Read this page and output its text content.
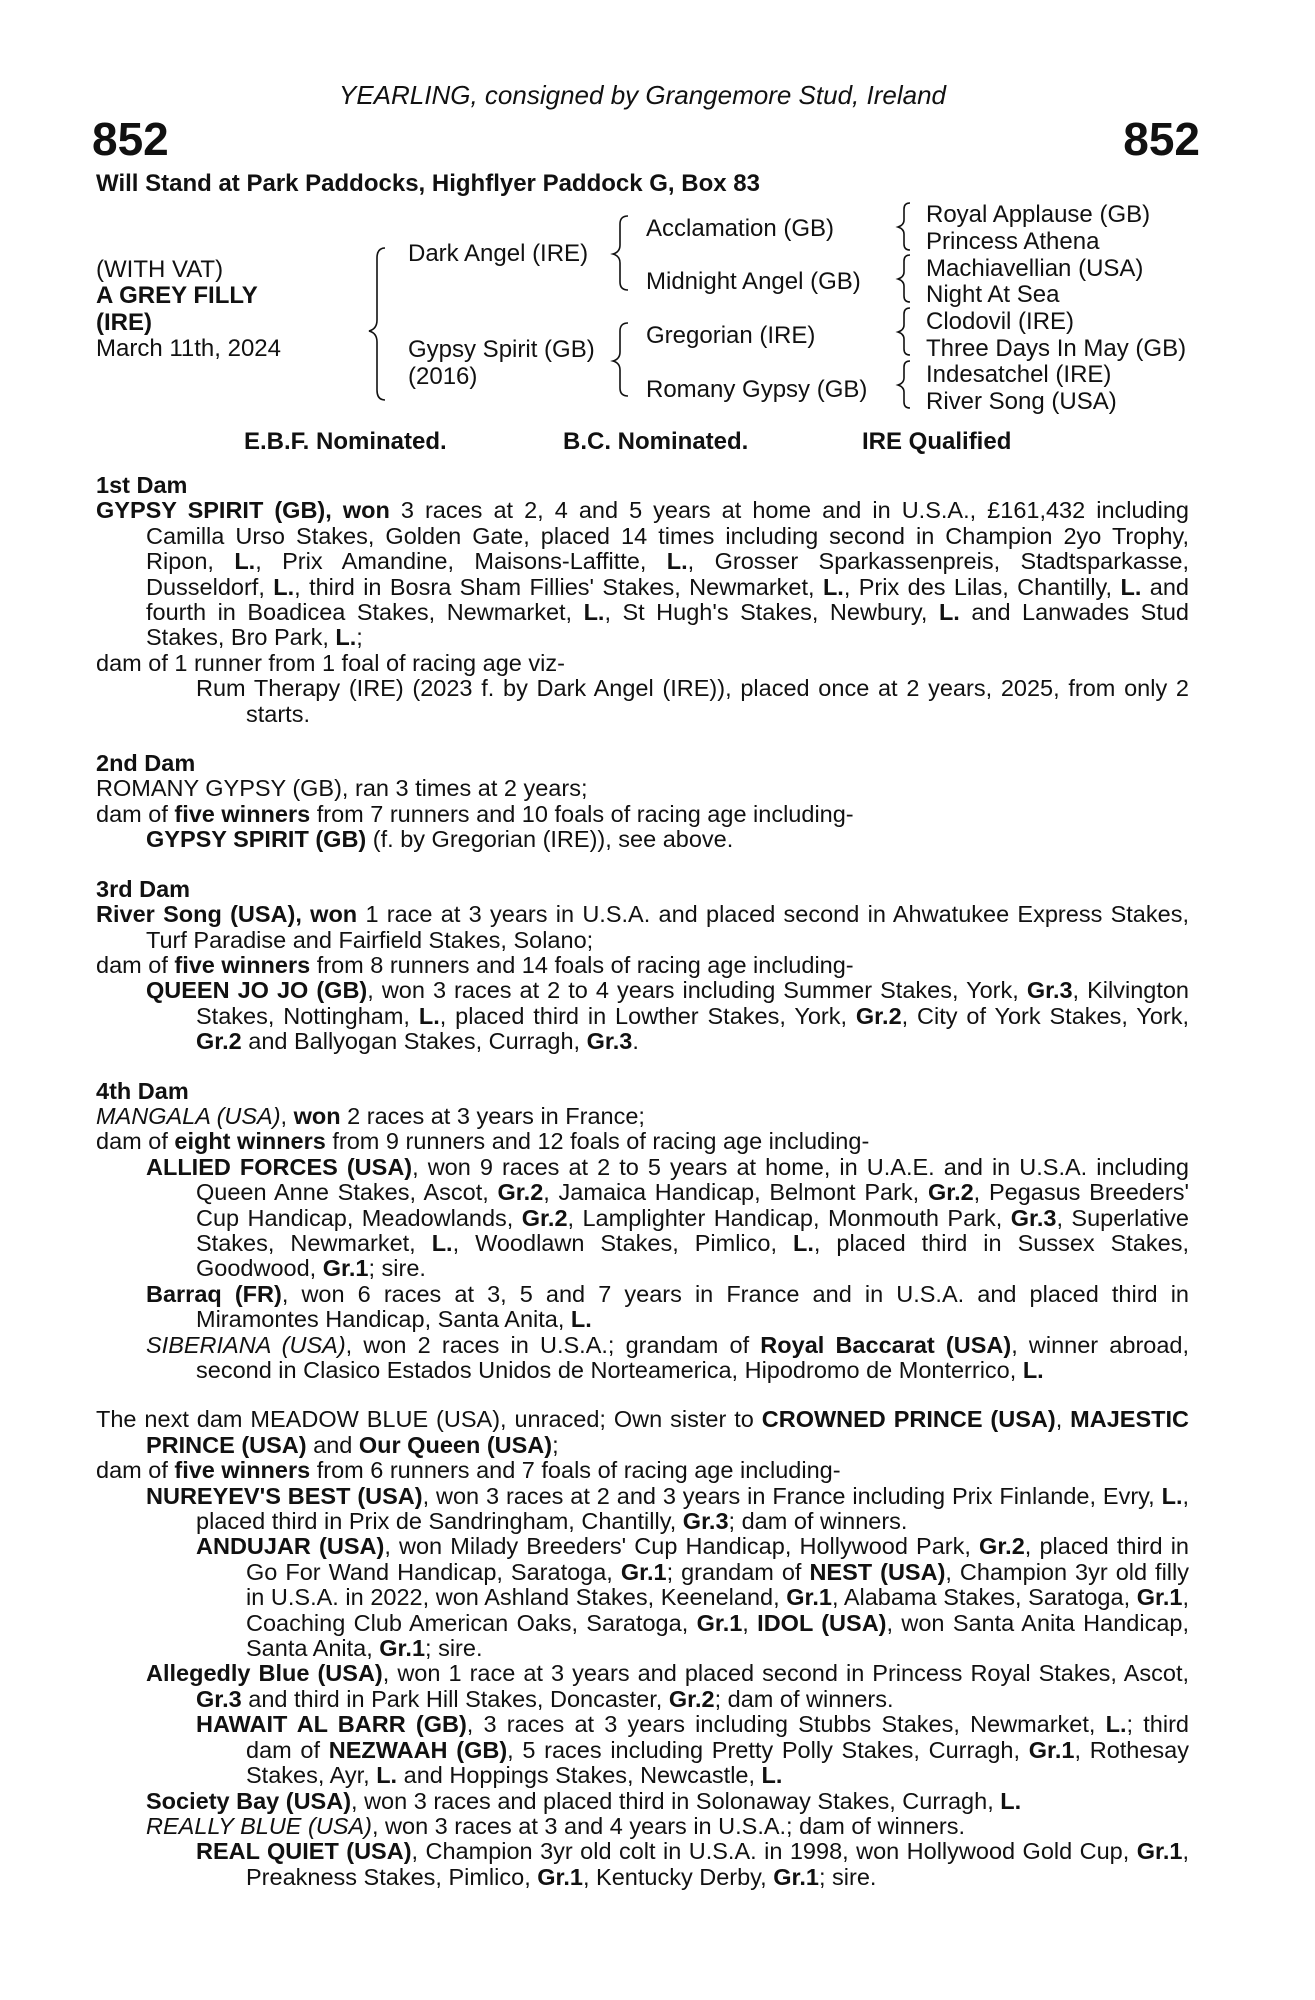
YEARLING, consigned by Grangemore Stud, Ireland
852	852
Will Stand at Park Paddocks, Highflyer Paddock G, Box 83
(WITH VAT)
A GREY FILLY
(IRE)
March 11th, 2024
Dark Angel (IRE)
Gypsy Spirit (GB)
(2016)
Acclamation (GB)
Midnight Angel (GB)
Gregorian (IRE)
Romany Gypsy (GB)
Royal Applause (GB)
Princess Athena
Machiavellian (USA)
Night At Sea
Clodovil (IRE)
Three Days In May (GB)
Indesatchel (IRE)
River Song (USA)
E.B.F. Nominated.	B.C. Nominated.	IRE Qualified
1st Dam
GYPSY SPIRIT (GB), won 3 races at 2, 4 and 5 years at home and in U.S.A., £161,432 including Camilla Urso Stakes, Golden Gate, placed 14 times including second in Champion 2yo Trophy, Ripon, L., Prix Amandine, Maisons-Laffitte, L., Grosser Sparkassenpreis, Stadtsparkasse, Dusseldorf, L., third in Bosra Sham Fillies' Stakes, Newmarket, L., Prix des Lilas, Chantilly, L. and fourth in Boadicea Stakes, Newmarket, L., St Hugh's Stakes, Newbury, L. and Lanwades Stud Stakes, Bro Park, L.;
dam of 1 runner from 1 foal of racing age viz-
Rum Therapy (IRE) (2023 f. by Dark Angel (IRE)), placed once at 2 years, 2025, from only 2 starts.
2nd Dam
ROMANY GYPSY (GB), ran 3 times at 2 years;
dam of five winners from 7 runners and 10 foals of racing age including-
GYPSY SPIRIT (GB) (f. by Gregorian (IRE)), see above.
3rd Dam
River Song (USA), won 1 race at 3 years in U.S.A. and placed second in Ahwatukee Express Stakes, Turf Paradise and Fairfield Stakes, Solano;
dam of five winners from 8 runners and 14 foals of racing age including-
QUEEN JO JO (GB), won 3 races at 2 to 4 years including Summer Stakes, York, Gr.3, Kilvington Stakes, Nottingham, L., placed third in Lowther Stakes, York, Gr.2, City of York Stakes, York, Gr.2 and Ballyogan Stakes, Curragh, Gr.3.
4th Dam
MANGALA (USA), won 2 races at 3 years in France;
dam of eight winners from 9 runners and 12 foals of racing age including-
ALLIED FORCES (USA), won 9 races at 2 to 5 years at home, in U.A.E. and in U.S.A. including Queen Anne Stakes, Ascot, Gr.2, Jamaica Handicap, Belmont Park, Gr.2, Pegasus Breeders' Cup Handicap, Meadowlands, Gr.2, Lamplighter Handicap, Monmouth Park, Gr.3, Superlative Stakes, Newmarket, L., Woodlawn Stakes, Pimlico, L., placed third in Sussex Stakes, Goodwood, Gr.1; sire.
Barraq (FR), won 6 races at 3, 5 and 7 years in France and in U.S.A. and placed third in Miramontes Handicap, Santa Anita, L.
SIBERIANA (USA), won 2 races in U.S.A.; grandam of Royal Baccarat (USA), winner abroad, second in Clasico Estados Unidos de Norteamerica, Hipodromo de Monterrico, L.
The next dam MEADOW BLUE (USA), unraced; Own sister to CROWNED PRINCE (USA), MAJESTIC PRINCE (USA) and Our Queen (USA);
dam of five winners from 6 runners and 7 foals of racing age including-
NUREYEV'S BEST (USA), won 3 races at 2 and 3 years in France including Prix Finlande, Evry, L., placed third in Prix de Sandringham, Chantilly, Gr.3; dam of winners.
ANDUJAR (USA), won Milady Breeders' Cup Handicap, Hollywood Park, Gr.2, placed third in Go For Wand Handicap, Saratoga, Gr.1; grandam of NEST (USA), Champion 3yr old filly in U.S.A. in 2022, won Ashland Stakes, Keeneland, Gr.1, Alabama Stakes, Saratoga, Gr.1, Coaching Club American Oaks, Saratoga, Gr.1, IDOL (USA), won Santa Anita Handicap, Santa Anita, Gr.1; sire.
Allegedly Blue (USA), won 1 race at 3 years and placed second in Princess Royal Stakes, Ascot, Gr.3 and third in Park Hill Stakes, Doncaster, Gr.2; dam of winners.
HAWAIT AL BARR (GB), 3 races at 3 years including Stubbs Stakes, Newmarket, L.; third dam of NEZWAAH (GB), 5 races including Pretty Polly Stakes, Curragh, Gr.1, Rothesay Stakes, Ayr, L. and Hoppings Stakes, Newcastle, L.
Society Bay (USA), won 3 races and placed third in Solonaway Stakes, Curragh, L.
REALLY BLUE (USA), won 3 races at 3 and 4 years in U.S.A.; dam of winners.
REAL QUIET (USA), Champion 3yr old colt in U.S.A. in 1998, won Hollywood Gold Cup, Gr.1, Preakness Stakes, Pimlico, Gr.1, Kentucky Derby, Gr.1; sire.
